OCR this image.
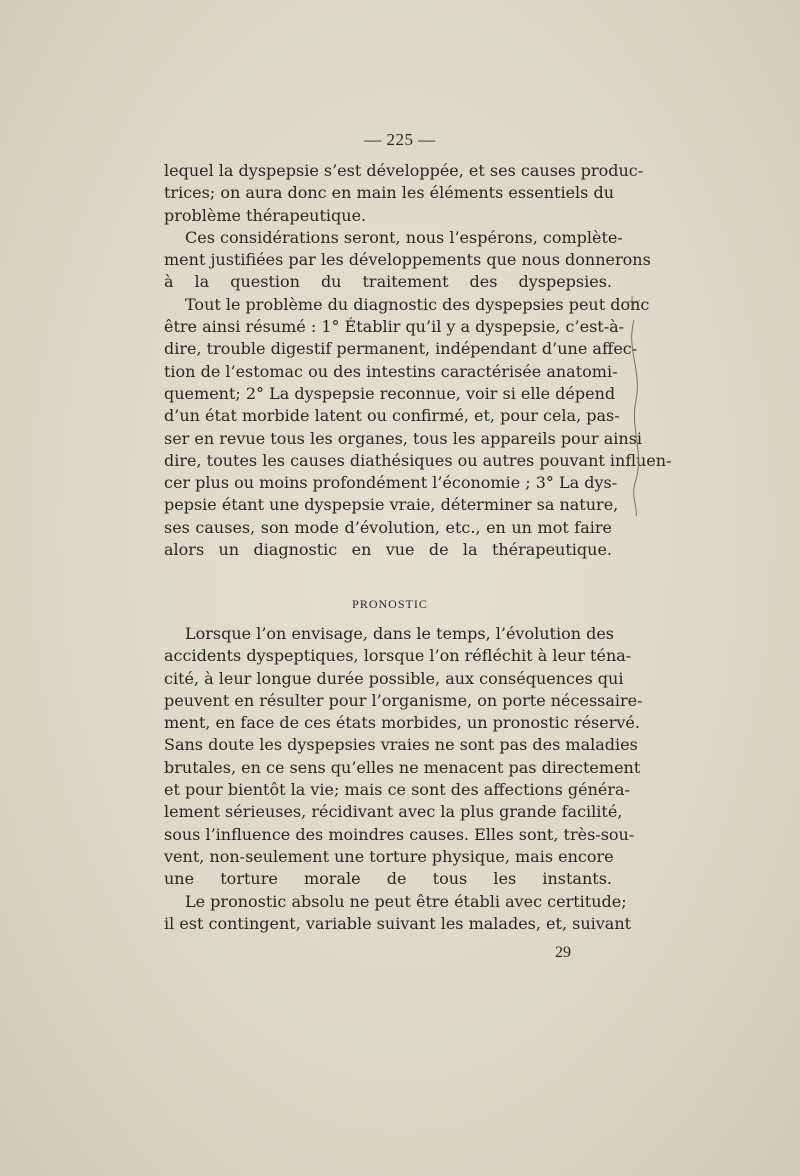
— 225 —

lequel la dyspepsie s’est développée, et ses causes produc-
trices; on aura donc en main les éléments essentiels du
problème thérapeutique.

Ces considérations seront, nous l’espérons, complète-
ment justifiées par les développements que nous donnerons
à la question du traitement des dyspepsies.

Tout le problème du diagnostic des dyspepsies peut donc
être ainsi résumé : 1° Établir qu’il y a dyspepsie, c’est-à-
dire, trouble digestif permanent, indépendant d’une affec-
tion de l’estomac ou des intestins caractérisée anatomi-
quement; 2° La dyspepsie reconnue, voir si elle dépend
d’un état morbide latent ou confirmé, et, pour cela, pas-
ser en revue tous les organes, tous les appareils pour ainsi
dire, toutes les causes diathésiques ou autres pouvant influen-
cer plus ou moins profondément l’économie ; 3° La dys-
pepsie étant une dyspepsie vraie, déterminer sa nature,
ses causes, son mode d’évolution, etc., en un mot faire
alors un diagnostic en vue de la thérapeutique.

PRONOSTIC

Lorsque l’on envisage, dans le temps, l’évolution des
accidents dyspeptiques, lorsque l’on réfléchit à leur téna-
cité, à leur longue durée possible, aux conséquences qui
peuvent en résulter pour l’organisme, on porte nécessaire-
ment, en face de ces états morbides, un pronostic réservé.
Sans doute les dyspepsies vraies ne sont pas des maladies
brutales, en ce sens qu’elles ne menacent pas directement
et pour bientôt la vie; mais ce sont des affections généra-
lement sérieuses, récidivant avec la plus grande facilité,
sous l’influence des moindres causes. Elles sont, très-sou-
vent, non-seulement une torture physique, mais encore
une torture morale de tous les instants.

Le pronostic absolu ne peut être établi avec certitude;
il est contingent, variable suivant les malades, et, suivant

29
